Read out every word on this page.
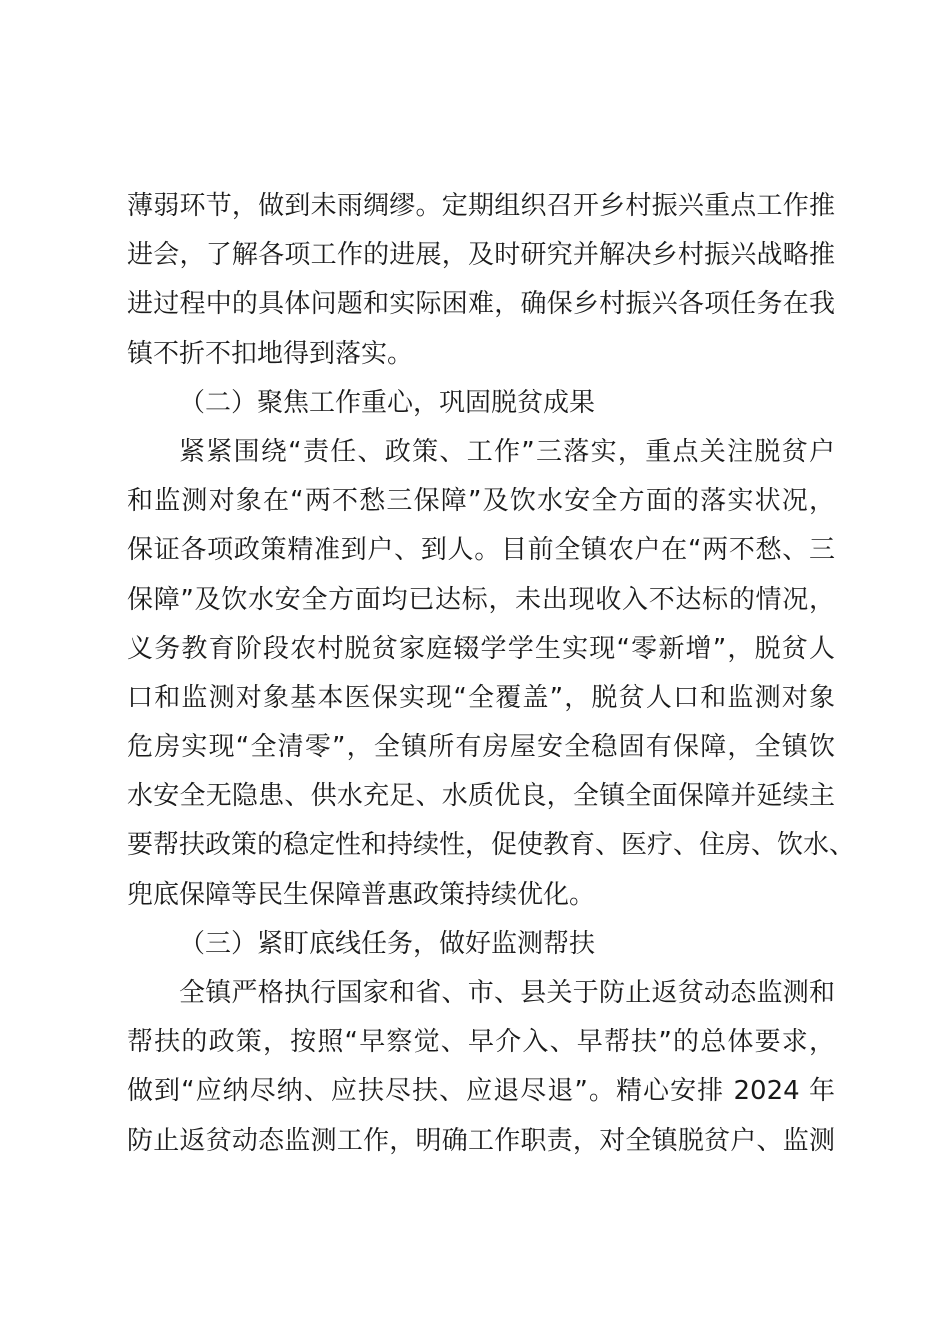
薄弱环节，做到未雨绸缪。定期组织召开乡村振兴重点工作推
进会，了解各项工作的进展，及时研究并解决乡村振兴战略推
进过程中的具体问题和实际困难，确保乡村振兴各项任务在我
镇不折不扣地得到落实。
（二）聚焦工作重心，巩固脱贫成果
紧紧围绕“责任、政策、工作”三落实，重点关注脱贫户
和监测对象在“两不愁三保障”及饮水安全方面的落实状况，
保证各项政策精准到户、到人。目前全镇农户在“两不愁、三
保障”及饮水安全方面均已达标，未出现收入不达标的情况，
义务教育阶段农村脱贫家庭辍学学生实现“零新增”，脱贫人
口和监测对象基本医保实现“全覆盖”，脱贫人口和监测对象
危房实现“全清零”，全镇所有房屋安全稳固有保障，全镇饮
水安全无隐患、供水充足、水质优良，全镇全面保障并延续主
要帮扶政策的稳定性和持续性，促使教育、医疗、住房、饮水、
兜底保障等民生保障普惠政策持续优化。
（三）紧盯底线任务，做好监测帮扶
全镇严格执行国家和省、市、县关于防止返贫动态监测和
帮扶的政策，按照“早察觉、早介入、早帮扶”的总体要求，
做到“应纳尽纳、应扶尽扶、应退尽退”。精心安排 2024 年
防止返贫动态监测工作，明确工作职责，对全镇脱贫户、监测
